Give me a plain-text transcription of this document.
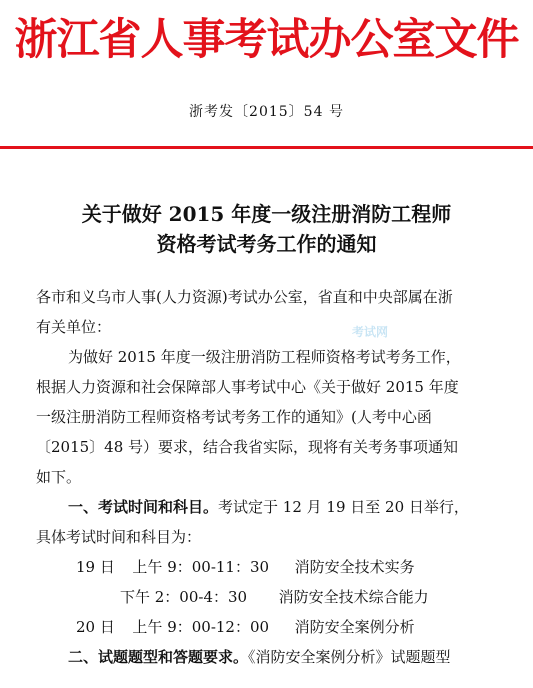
浙江省人事考试办公室文件
浙考发〔2015〕54 号
关于做好 2015 年度一级注册消防工程师
资格考试考务工作的通知
各市和义乌市人事(人力资源)考试办公室，省直和中央部属在浙
有关单位：	考试网
为做好 2015 年度一级注册消防工程师资格考试考务工作，
根据人力资源和社会保障部人事考试中心《关于做好 2015 年度
一级注册消防工程师资格考试考务工作的通知》(人考中心函
〔2015〕48 号）要求，结合我省实际，现将有关考务事项通知
如下。
一、考试时间和科目。考试定于 12 月 19 日至 20 日举行，
具体考试时间和科目为：
19 日 上午 9：00-11：30 消防安全技术实务
下午 2：00-4：30 消防安全技术综合能力
20 日 上午 9：00-12：00 消防安全案例分析
二、试题题型和答题要求。《消防安全案例分析》试题题型
